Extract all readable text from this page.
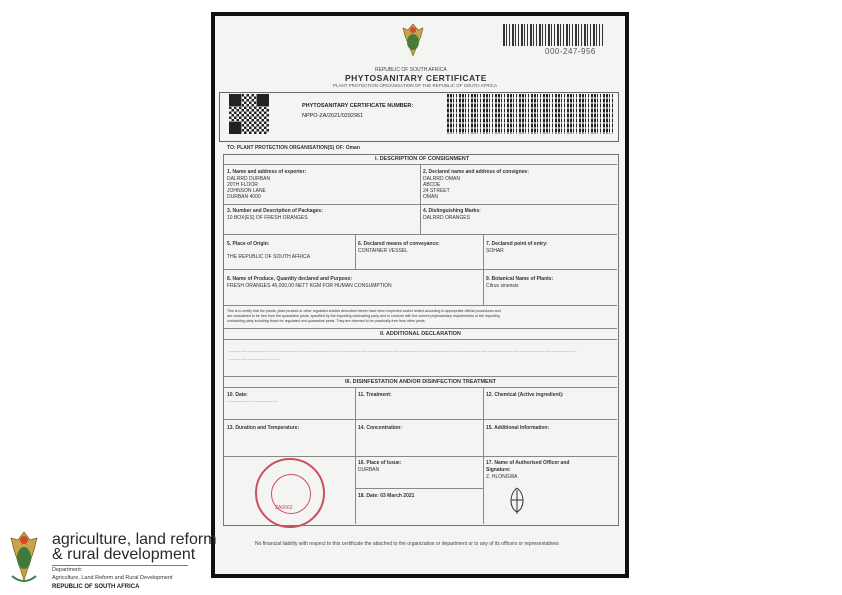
000-247-956
REPUBLIC OF SOUTH AFRICA
PHYTOSANITARY CERTIFICATE
PLANT PROTECTION ORGANISATION OF THE REPUBLIC OF SOUTH AFRICA
PHYTOSANITARY CERTIFICATE NUMBER:
NPPO-ZA/2021/0292961
TO: PLANT PROTECTION ORGANISATION(S) OF: Oman
I. DESCRIPTION OF CONSIGNMENT
1. Name and address of exporter:
DALRRD DURBAN
20TH FLOOR
JOHNSON LANE
DURBAN 4000
2. Declared name and address of consignee:
DALRRD OMAN
ABCDE
24 STREET
OMAN
3. Number and Description of Packages:
10 BOX(ES) OF FRESH ORANGES
4. Distinguishing Marks:
DALRRD ORANGES
5. Place of Origin:
THE REPUBLIC OF SOUTH AFRICA
6. Declared means of conveyance:
CONTAINER VESSEL
7. Declared point of entry:
SOHAR
8. Name of Produce, Quantity declared and Purpose:
FRESH ORANGES 46,000.00 NETT KGM FOR HUMAN CONSUMPTION
9. Botanical Name of Plants:
Citrus sinensis
This is to certify that the plants, plant product or other regulated articles described herein have been inspected and/or tested according to appropriate official procedures and
are considered to be free from the quarantine pests, specified by the importing contracting party and to conform with the current phytosanitary requirements of the importing
contracting party including those for regulated non-quarantine pests. They are deemed to be practically free from other pests.
II. ADDITIONAL DECLARATION
..............................................................................................................................................................................................................
..............................
III. DISINFESTATION AND/OR DISINFECTION TREATMENT
10. Date:
..............................
11. Treatment:	12. Chemical (Active ingredient):
13. Duration and Temperature:	14. Concentration:	15. Additional Information:
16. Place of Issue:
DURBAN
17. Name of Authorised Officer and
Signature:
Z. HLONGWA
18. Date: 03 March 2021
ZA0062
No financial liability with respect to this certificate the attached to the organization or department or to any of its officers or representatives
agriculture, land reform
& rural development
Department:
Agriculture, Land Reform and Rural Development
REPUBLIC OF SOUTH AFRICA
